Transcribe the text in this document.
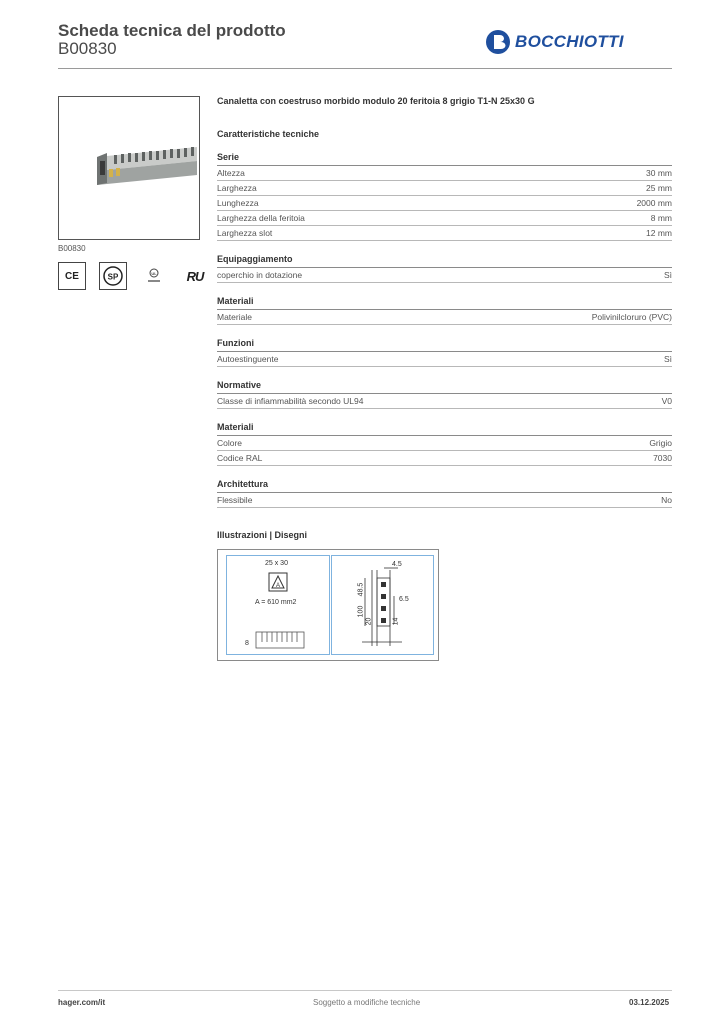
Scheda tecnica del prodotto
B00830	BOCCHIOTTI
B00830
CE	SP	UL RU
Canaletta con coestruso morbido modulo 20 feritoia 8 grigio T1-N 25x30 G
Caratteristiche tecniche
Serie
Altezza	30 mm
Larghezza	25 mm
Lunghezza	2000 mm
Larghezza della feritoia	8 mm
Larghezza slot	12 mm
Equipaggiamento
coperchio in dotazione	Sì
Materiali
Materiale	Polivinilcloruro (PVC)
Funzioni
Autoestinguente	Sì
Normative
Classe di infiammabilità secondo UL94	V0
Materiali
Colore	Grigio
Codice RAL	7030
Architettura
Flessibile	No
Illustrazioni | Disegni
25 x 30
A
A = 610 mm2
8
4.5
48.5
100
20
6.5
14
hager.com/it	Soggetto a modifiche tecniche	03.12.2025
